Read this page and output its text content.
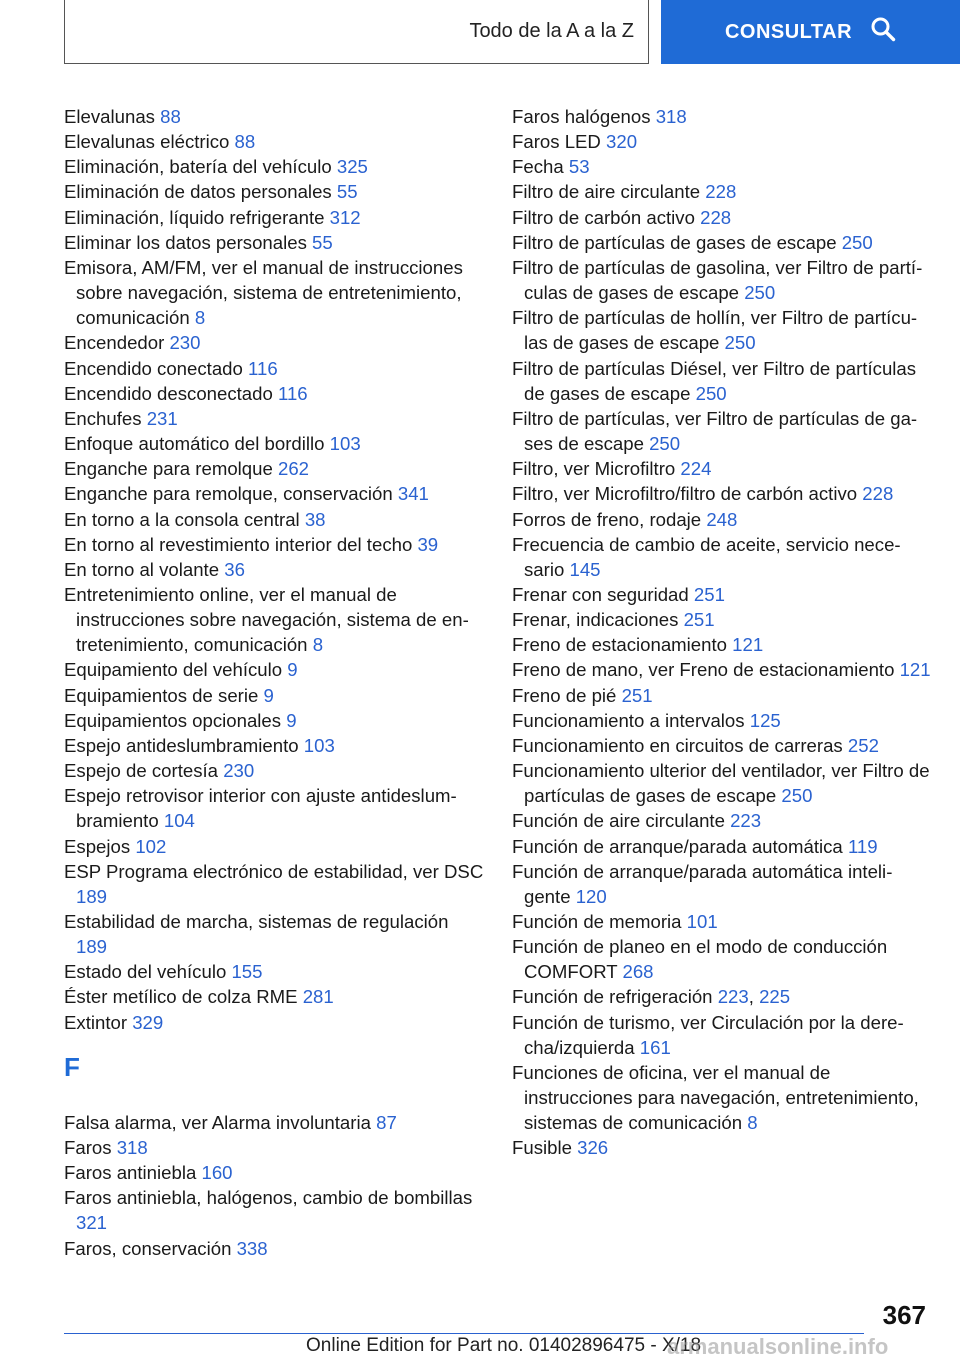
Todo de la A a la Z	CONSULTAR
Elevalunas 88
Elevalunas eléctrico 88
Eliminación, batería del vehículo 325
Eliminación de datos personales 55
Eliminación, líquido refrigerante 312
Eliminar los datos personales 55
Emisora, AM/FM, ver el manual de instrucciones sobre navegación, sistema de entretenimiento, comunicación 8
Encendedor 230
Encendido conectado 116
Encendido desconectado 116
Enchufes 231
Enfoque automático del bordillo 103
Enganche para remolque 262
Enganche para remolque, conservación 341
En torno a la consola central 38
En torno al revestimiento interior del techo 39
En torno al volante 36
Entretenimiento online, ver el manual de instrucciones sobre navegación, sistema de entretenimiento, comunicación 8
Equipamiento del vehículo 9
Equipamientos de serie 9
Equipamientos opcionales 9
Espejo antideslumbramiento 103
Espejo de cortesía 230
Espejo retrovisor interior con ajuste antideslumbramiento 104
Espejos 102
ESP Programa electrónico de estabilidad, ver DSC 189
Estabilidad de marcha, sistemas de regulación 189
Estado del vehículo 155
Éster metílico de colza RME 281
Extintor 329
F
Falsa alarma, ver Alarma involuntaria 87
Faros 318
Faros antiniebla 160
Faros antiniebla, halógenos, cambio de bombillas 321
Faros, conservación 338
Faros halógenos 318
Faros LED 320
Fecha 53
Filtro de aire circulante 228
Filtro de carbón activo 228
Filtro de partículas de gases de escape 250
Filtro de partículas de gasolina, ver Filtro de partículas de gases de escape 250
Filtro de partículas de hollín, ver Filtro de partículas de gases de escape 250
Filtro de partículas Diésel, ver Filtro de partículas de gases de escape 250
Filtro de partículas, ver Filtro de partículas de gases de escape 250
Filtro, ver Microfiltro 224
Filtro, ver Microfiltro/filtro de carbón activo 228
Forros de freno, rodaje 248
Frecuencia de cambio de aceite, servicio necesario 145
Frenar con seguridad 251
Frenar, indicaciones 251
Freno de estacionamiento 121
Freno de mano, ver Freno de estacionamiento 121
Freno de pié 251
Funcionamiento a intervalos 125
Funcionamiento en circuitos de carreras 252
Funcionamiento ulterior del ventilador, ver Filtro de partículas de gases de escape 250
Función de aire circulante 223
Función de arranque/parada automática 119
Función de arranque/parada automática inteligente 120
Función de memoria 101
Función de planeo en el modo de conducción COMFORT 268
Función de refrigeración 223, 225
Función de turismo, ver Circulación por la derecha/izquierda 161
Funciones de oficina, ver el manual de instrucciones para navegación, entretenimiento, sistemas de comunicación 8
Fusible 326
367
Online Edition for Part no. 01402896475 - X/18
armanualsonline.info
